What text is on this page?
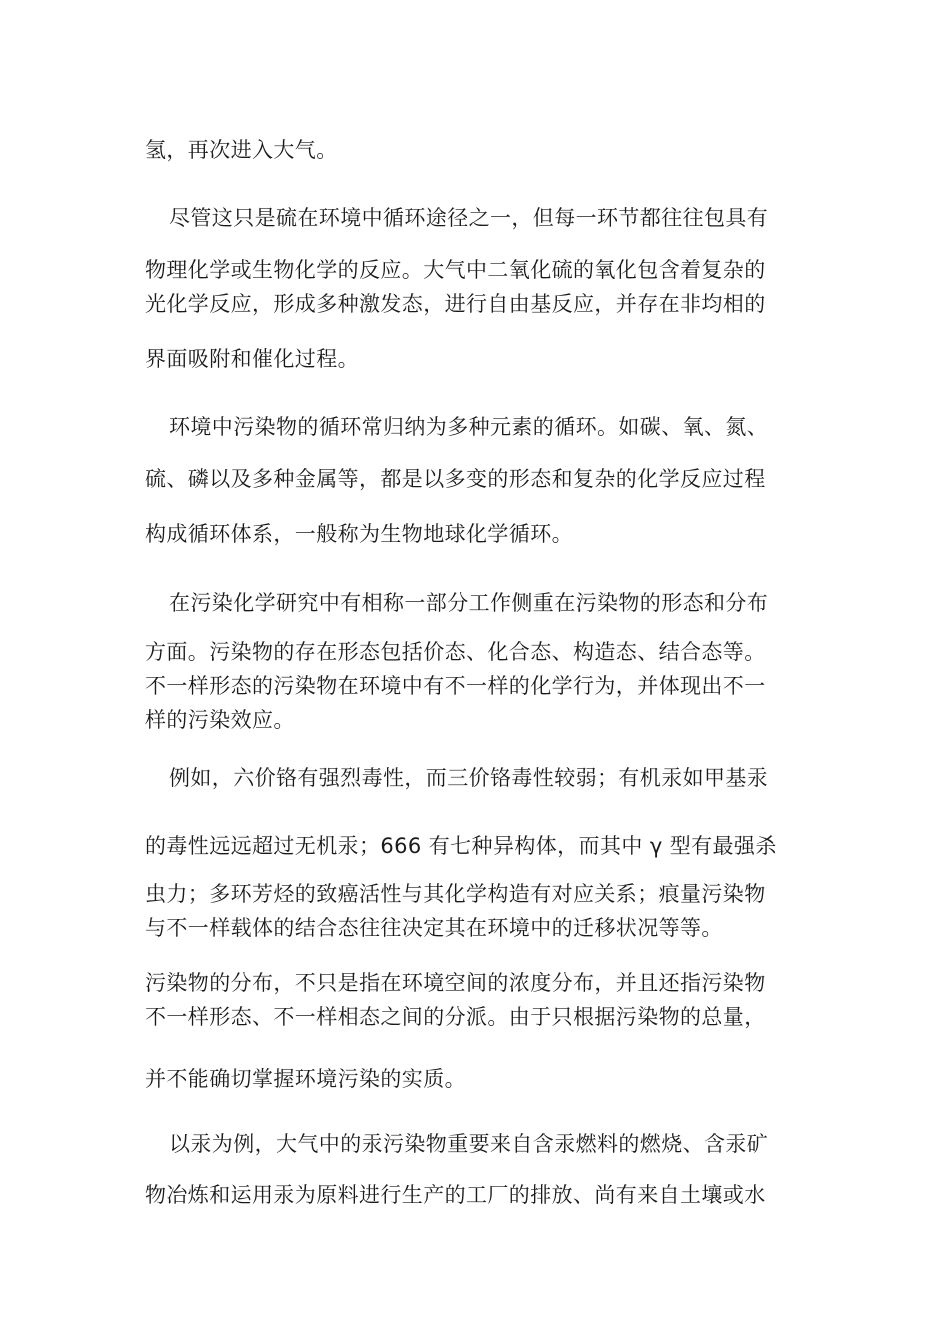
氢，再次进入大气。
尽管这只是硫在环境中循环途径之一，但每一环节都往往包具有
物理化学或生物化学的反应。大气中二氧化硫的氧化包含着复杂的
光化学反应，形成多种激发态，进行自由基反应，并存在非均相的
界面吸附和催化过程。
环境中污染物的循环常归纳为多种元素的循环。如碳、氧、氮、
硫、磷以及多种金属等，都是以多变的形态和复杂的化学反应过程
构成循环体系，一般称为生物地球化学循环。
在污染化学研究中有相称一部分工作侧重在污染物的形态和分布
方面。污染物的存在形态包括价态、化合态、构造态、结合态等。
不一样形态的污染物在环境中有不一样的化学行为，并体现出不一
样的污染效应。
例如，六价铬有强烈毒性，而三价铬毒性较弱；有机汞如甲基汞
的毒性远远超过无机汞；666 有七种异构体，而其中 γ 型有最强杀
虫力；多环芳烃的致癌活性与其化学构造有对应关系；痕量污染物
与不一样载体的结合态往往决定其在环境中的迁移状况等等。
污染物的分布，不只是指在环境空间的浓度分布，并且还指污染物
不一样形态、不一样相态之间的分派。由于只根据污染物的总量，
并不能确切掌握环境污染的实质。
以汞为例，大气中的汞污染物重要来自含汞燃料的燃烧、含汞矿
物冶炼和运用汞为原料进行生产的工厂的排放、尚有来自土壤或水
